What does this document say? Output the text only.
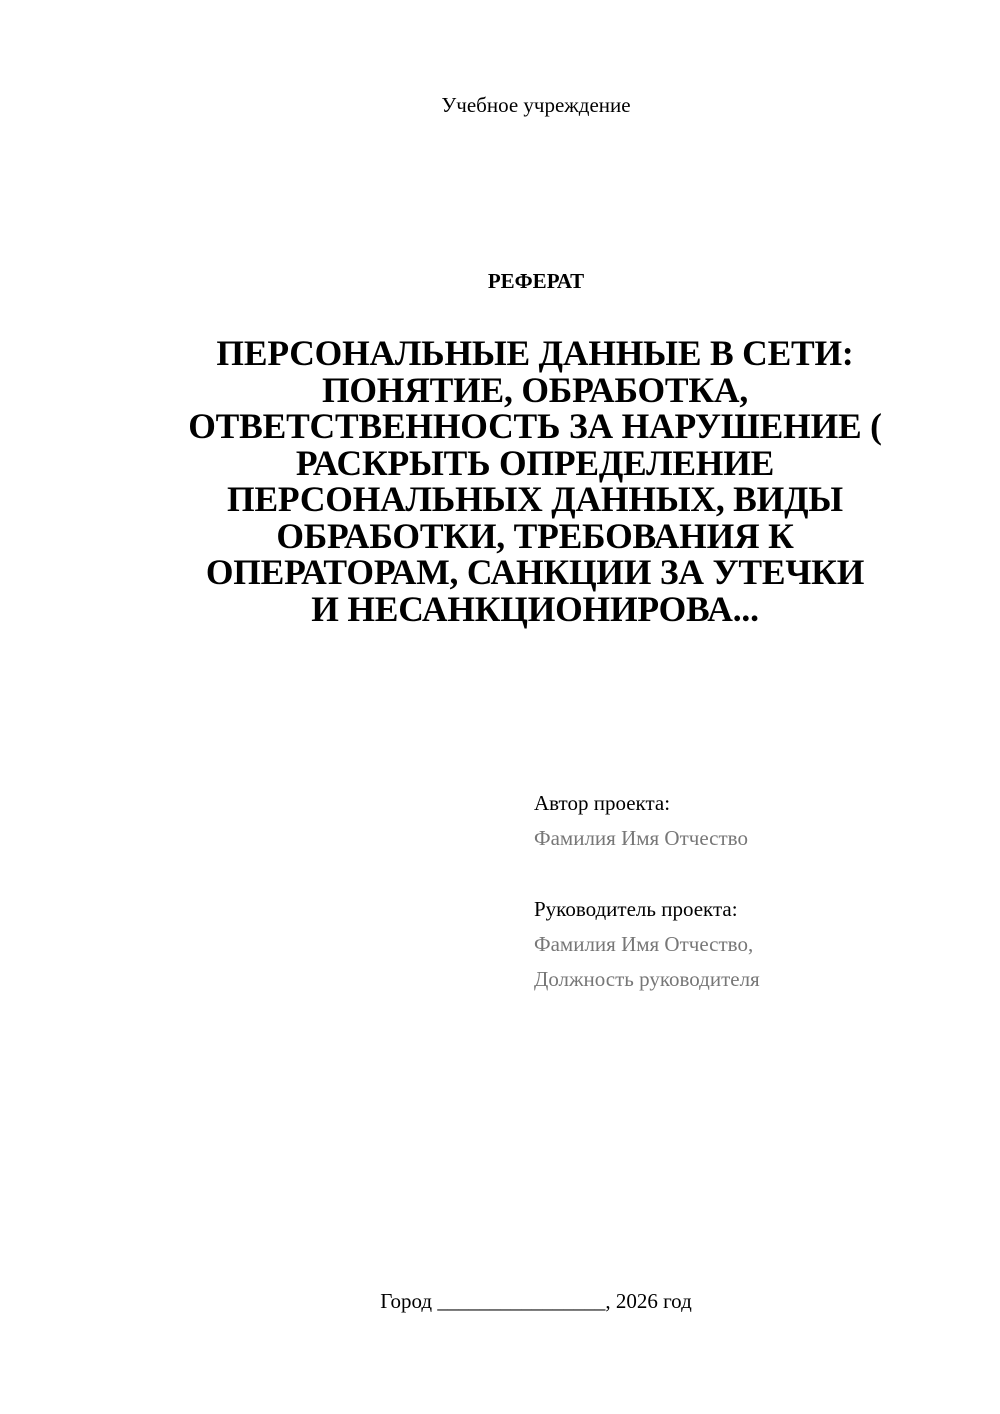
Учебное учреждение
РЕФЕРАТ
ПЕРСОНАЛЬНЫЕ ДАННЫЕ В СЕТИ:
ПОНЯТИЕ, ОБРАБОТКА,
ОТВЕТСТВЕННОСТЬ ЗА НАРУШЕНИЕ (
РАСКРЫТЬ ОПРЕДЕЛЕНИЕ
ПЕРСОНАЛЬНЫХ ДАННЫХ, ВИДЫ
ОБРАБОТКИ, ТРЕБОВАНИЯ К
ОПЕРАТОРАМ, САНКЦИИ ЗА УТЕЧКИ
И НЕСАНКЦИОНИРОВА...
Автор проекта:
Фамилия Имя Отчество
Руководитель проекта:
Фамилия Имя Отчество,
Должность руководителя
Город ________________, 2026 год
